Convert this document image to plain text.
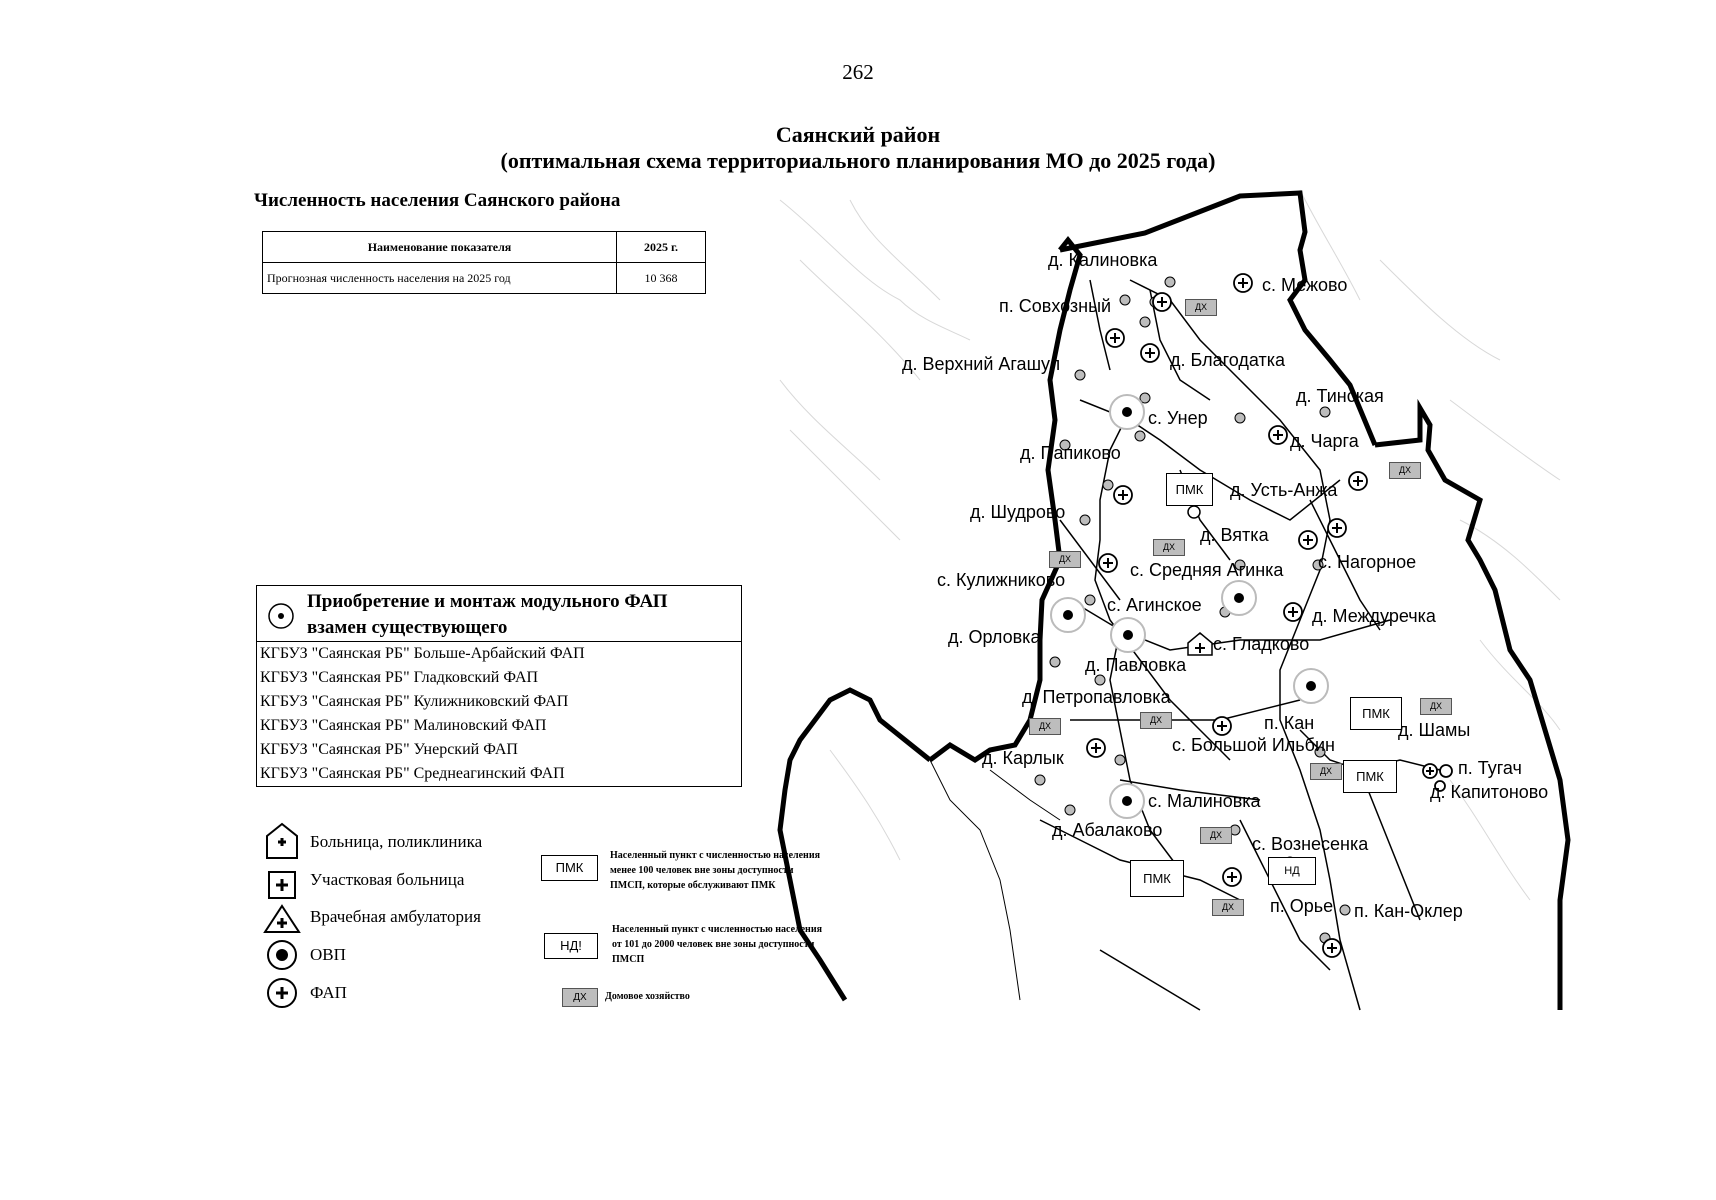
262
Саянский район
(оптимальная схема территориального планирования МО до 2025 года)
Численность населения Саянского района
Наименование показателя	2025 г.
Прогнозная численность населения на 2025 год	10 368
Приобретение и монтаж модульного ФАП
взамен существующего
КГБУЗ "Саянская РБ" Больше-Арбайский ФАП
КГБУЗ "Саянская РБ" Гладковский ФАП
КГБУЗ "Саянская РБ" Кулижниковский ФАП
КГБУЗ "Саянская РБ" Малиновский ФАП
КГБУЗ "Саянская РБ" Унерский ФАП
КГБУЗ "Саянская РБ" Среднеагинский ФАП
Больница, поликлиника
Участковая больница
Врачебная амбулатория
ОВП
ФАП
ПМК
Населенный пункт с численностью населения менее 100 человек вне зоны доступности ПМСП, которые обслуживают ПМК
НД!
Населенный пункт с численностью населения от 101 до 2000 человек вне зоны доступности ПМСП
ДХ	Домовое хозяйство
ДХ
ДХ
ДХ
ДХ
ДХ
ДХ
ДХ
ДХ
ДХ
ДХ
ПМК
ПМК
ПМК
ПМК	НД
д. Калиновка
с. Межово
п. Совхозный
д. Благодатка
д. Верхний Агашул
с. Унер
д. Тинская
д. Чарга
д. Папиково
д. Усть-Анжа
д. Шудрово
д. Вятка
с. Нагорное
с. Средняя Агинка
с. Кулижниково
с. Агинское
д. Междуречка
д. Орловка	с. Гладково
д. Павловка
д. Петропавловка
п. Кан	д. Шамы
с. Большой Ильбин
п. Тугач
д. Капитоново
д. Карлык
с. Малиновка
д. Абалаково
с. Вознесенка
п. Орье п. Кан-Оклер
